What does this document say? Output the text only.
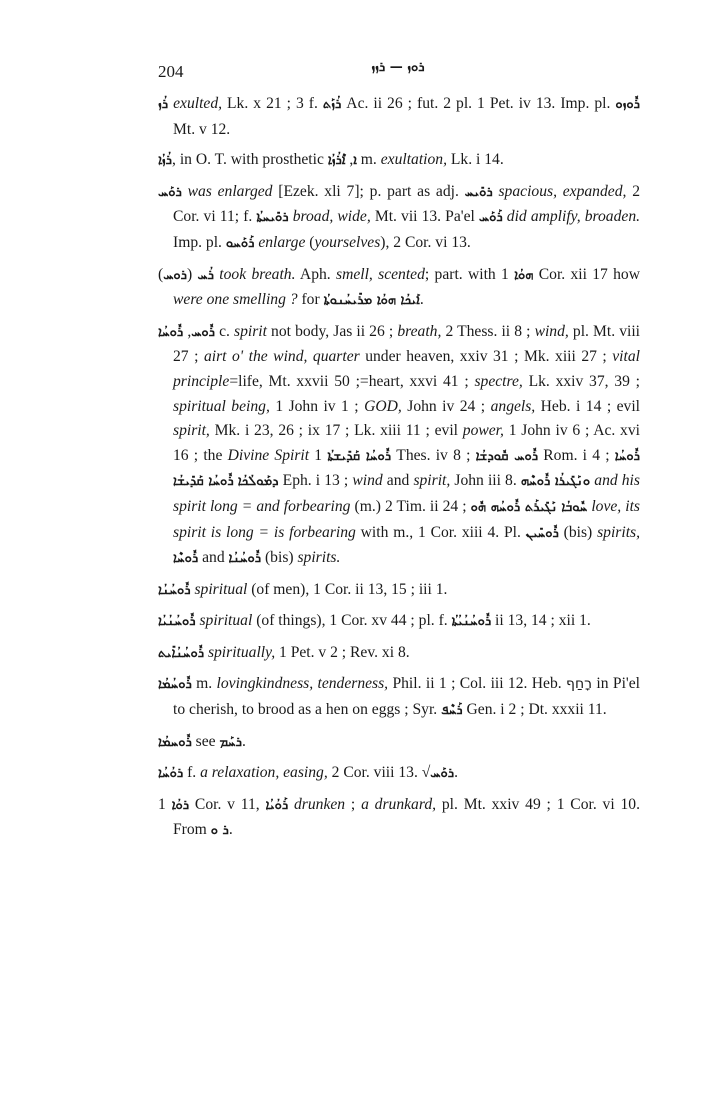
204	ܪܘܙ — ܪܙܙ

ܪܳܙ exulted, Lk. x 21 ; 3 f. ܪܳܙܰܬ Ac. ii 26 ; fut. 2 pl. 1 Pet. iv 13. Imp. pl. ܪܽܘܙܘ Mt. v 12.

ܪܳܙܳܐ, in O. T. with prosthetic ܐ, ܐܶܪܳܙܳܐ m. exultation, Lk. i 14.

ܪܘܰܚ was enlarged [Ezek. xli 7]; p. part as adj. ܪܘܺܝܚ spacious, expanded, 2 Cor. vi 11; f. ܪܘܺܝܚܬܳܐ broad, wide, Mt. vii 13. Pa'el ܪܰܘܰܚ did amplify, broaden. Imp. pl. ܪܰܘܰܚܘ enlarge (yourselves), 2 Cor. vi 13.

(ܪܘܚ) ܪܳܚ took breath. Aph. smell, scented; part. with ܗܘܳܐ 1 Cor. xii 17 how were one smelling ? for ܐܰܝܟܳܐ ܗܘܳܐ ܡܪܺܝܚܳܢܘܬܳܐ.

ܪܽܘܚ, ܪܽܘܚܳܐ c. spirit not body, Jas ii 26 ; breath, 2 Thess. ii 8 ; wind, pl. Mt. viii 27 ; airt o' the wind, quarter under heaven, xxiv 31 ; Mk. xiii 27 ; vital principle=life, Mt. xxvii 50 ;=heart, xxvi 41 ; spectre, Lk. xxiv 37, 39 ; spiritual being, 1 John iv 1 ; GOD, John iv 24 ; angels, Heb. i 14 ; evil spirit, Mk. i 23, 26 ; ix 17 ; Lk. xiii 11 ; evil power, 1 John iv 6 ; Ac. xvi 16 ; the Divine Spirit ܪܽܘܚܳܐ ܩܰܕܺܝܫܬܳܐ 1 Thes. iv 8 ; ܪܽܘܚ ܩܽܘܕܫܳܐ Rom. i 4 ; ܪܽܘܚܳܐ ܕܡܰܘܠܳܟܳܐ ܪܽܘܚܳܐ ܩܰܕܺܝܫܳܐ	Eph. i 13 ; wind and spirit, John iii 8. ܘܢܰܓܺܝܪܳܐ ܪܽܘܚܶܗ and his spirit long = and forbearing (m.) 2 Tim. ii 24 ;	ܚܽܘܒܳܐ ܢܰܓܺܝܪܰܬ ܪܽܘܚܳܗ ܗܽܘ love, its spirit is long = is forbearing with m., 1 Cor. xiii 4. Pl. ܪܽܘܚܺܝܢ (bis) spirits, ܪܽܘܚܶܐ and ܪܽܘܚܳܢܳܐ (bis) spirits.

ܪܽܘܚܳܢܳܐ spiritual (of men), 1 Cor. ii 13, 15 ; iii 1.

ܪܽܘܚܳܢܳܝܳܐ spiritual (of things), 1 Cor. xv 44 ; pl. f. ܪܽܘܚܳܢܳܝܳܬܳܐ ii 13, 14 ; xii 1.

ܪܽܘܚܳܢܳܐܺܝܬ spiritually, 1 Pet. v 2 ; Rev. xi 8.

ܪܽܘܚܳܡܳܐ m. lovingkindness, tenderness, Phil. ii 1 ; Col. iii 12. Heb. רָחַף in Pi'el to cherish, to brood as a hen on eggs ; Syr. ܪܰܚܶܦ Gen. i 2 ; Dt. xxxii 11.

ܪܽܘܚܡܳܐ see ܪܚܰܡ.

ܪܘܳܚܳܐ f. a relaxation, easing, 2 Cor. viii 13. √ܪܘܰܚ.

ܪܘܳܐ 1 Cor. v 11, ܪܰܘܳܝܳܐ drunken ; a drunkard, pl. Mt. xxiv 49 ; 1 Cor. vi 10. From ܪ ܘ.
